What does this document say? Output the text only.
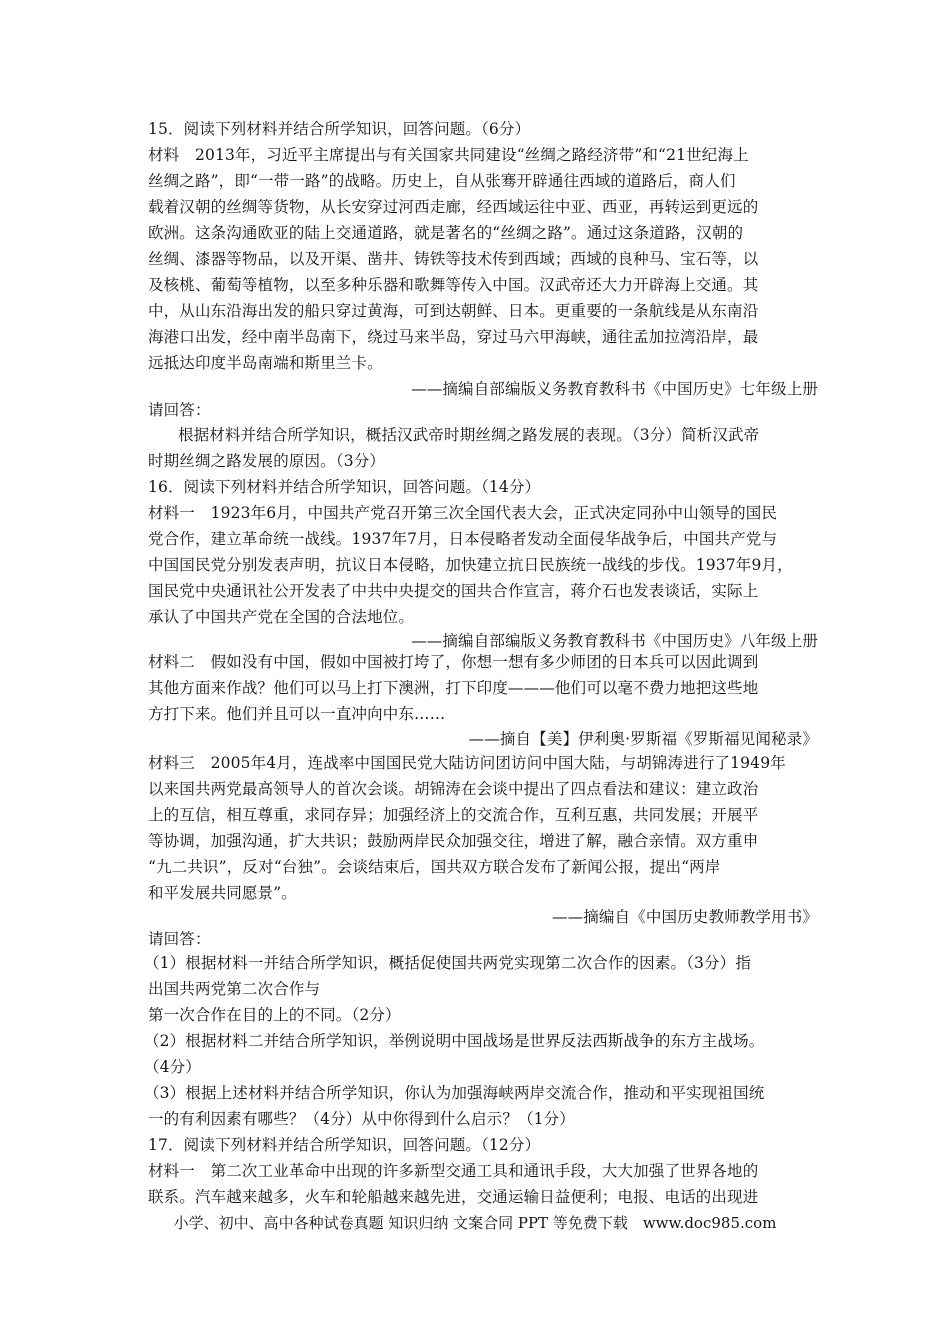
15．阅读下列材料并结合所学知识，回答问题。（6分）
材料　2013年，习近平主席提出与有关国家共同建设“丝绸之路经济带”和“21世纪海上
丝绸之路”，即“一带一路”的战略。历史上，自从张骞开辟通往西域的道路后，商人们
载着汉朝的丝绸等货物，从长安穿过河西走廊，经西域运往中亚、西亚，再转运到更远的
欧洲。这条沟通欧亚的陆上交通道路，就是著名的“丝绸之路”。通过这条道路，汉朝的
丝绸、漆器等物品，以及开渠、凿井、铸铁等技术传到西域；西域的良种马、宝石等，以
及核桃、葡萄等植物，以至多种乐器和歌舞等传入中国。汉武帝还大力开辟海上交通。其
中，从山东沿海出发的船只穿过黄海，可到达朝鲜、日本。更重要的一条航线是从东南沿
海港口出发，经中南半岛南下，绕过马来半岛，穿过马六甲海峡，通往孟加拉湾沿岸，最
远抵达印度半岛南端和斯里兰卡。
——摘编自部编版义务教育教科书《中国历史》七年级上册
请回答：
根据材料并结合所学知识，概括汉武帝时期丝绸之路发展的表现。（3分）简析汉武帝
时期丝绸之路发展的原因。（3分）
16．阅读下列材料并结合所学知识，回答问题。（14分）
材料一　1923年6月，中国共产党召开第三次全国代表大会，正式决定同孙中山领导的国民
党合作，建立革命统一战线。1937年7月，日本侵略者发动全面侵华战争后，中国共产党与
中国国民党分别发表声明，抗议日本侵略，加快建立抗日民族统一战线的步伐。1937年9月，
国民党中央通讯社公开发表了中共中央提交的国共合作宣言，蒋介石也发表谈话，实际上
承认了中国共产党在全国的合法地位。
——摘编自部编版义务教育教科书《中国历史》八年级上册
材料二　假如没有中国，假如中国被打垮了，你想一想有多少师团的日本兵可以因此调到
其他方面来作战？他们可以马上打下澳洲，打下印度———他们可以毫不费力地把这些地
方打下来。他们并且可以一直冲向中东……
——摘自【美】伊利奥·罗斯福《罗斯福见闻秘录》
材料三　2005年4月，连战率中国国民党大陆访问团访问中国大陆，与胡锦涛进行了1949年
以来国共两党最高领导人的首次会谈。胡锦涛在会谈中提出了四点看法和建议：建立政治
上的互信，相互尊重，求同存异；加强经济上的交流合作，互利互惠，共同发展；开展平
等协调，加强沟通，扩大共识；鼓励两岸民众加强交往，增进了解，融合亲情。双方重申
“九二共识”，反对“台独”。会谈结束后，国共双方联合发布了新闻公报，提出“两岸
和平发展共同愿景”。
——摘编自《中国历史教师教学用书》
请回答：
（1）根据材料一并结合所学知识，概括促使国共两党实现第二次合作的因素。（3分）指
出国共两党第二次合作与
第一次合作在目的上的不同。（2分）
（2）根据材料二并结合所学知识，举例说明中国战场是世界反法西斯战争的东方主战场。
（4分）
（3）根据上述材料并结合所学知识，你认为加强海峡两岸交流合作，推动和平实现祖国统
一的有利因素有哪些？（4分）从中你得到什么启示？（1分）
17．阅读下列材料并结合所学知识，回答问题。（12分）
材料一　第二次工业革命中出现的许多新型交通工具和通讯手段，大大加强了世界各地的
联系。汽车越来越多，火车和轮船越来越先进，交通运输日益便利；电报、电话的出现进
小学、初中、高中各种试卷真题 知识归纳 文案合同 PPT 等免费下载　www.doc985.com
